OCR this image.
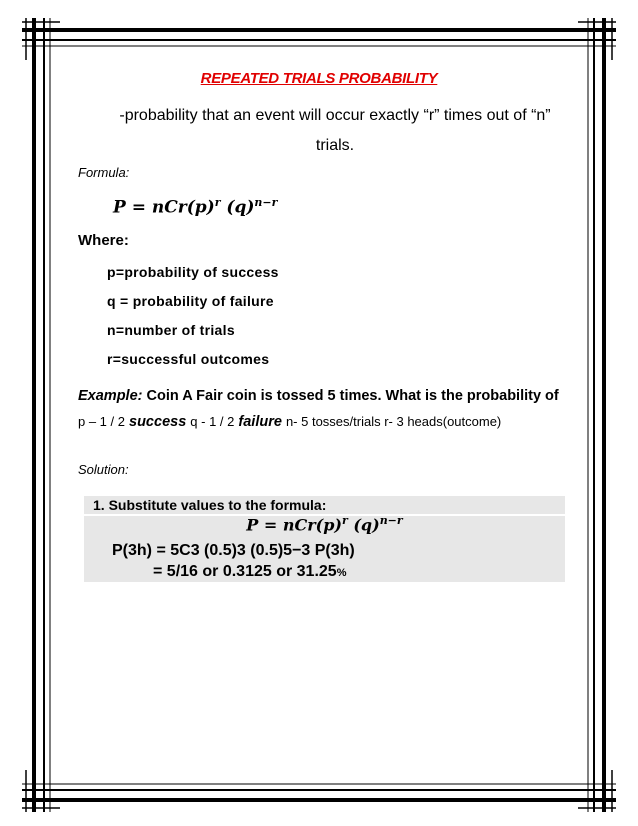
REPEATED TRIALS PROBABILITY
-probability that an event will occur exactly “r” times out of “n” trials.
Formula:
$P = nCr(p)^r$ $(q)^{n-r}$
Where:
p=probability of success
q = probability of failure
n=number of trials
r=successful outcomes
Example: Coin A Fair coin is tossed 5 times. What is the probability of p – 1 / 2 success q - 1 / 2 failure n- 5 tosses/trials r- 3 heads(outcome)
Solution:
1. Substitute values to the formula:
$P = nCr(p)^r$ $(q)^{n-r}$
P(3h) = 5C3 (0.5)3 (0.5)5−3 P(3h)
= 5/16 or 0.3125 or 31.25%
